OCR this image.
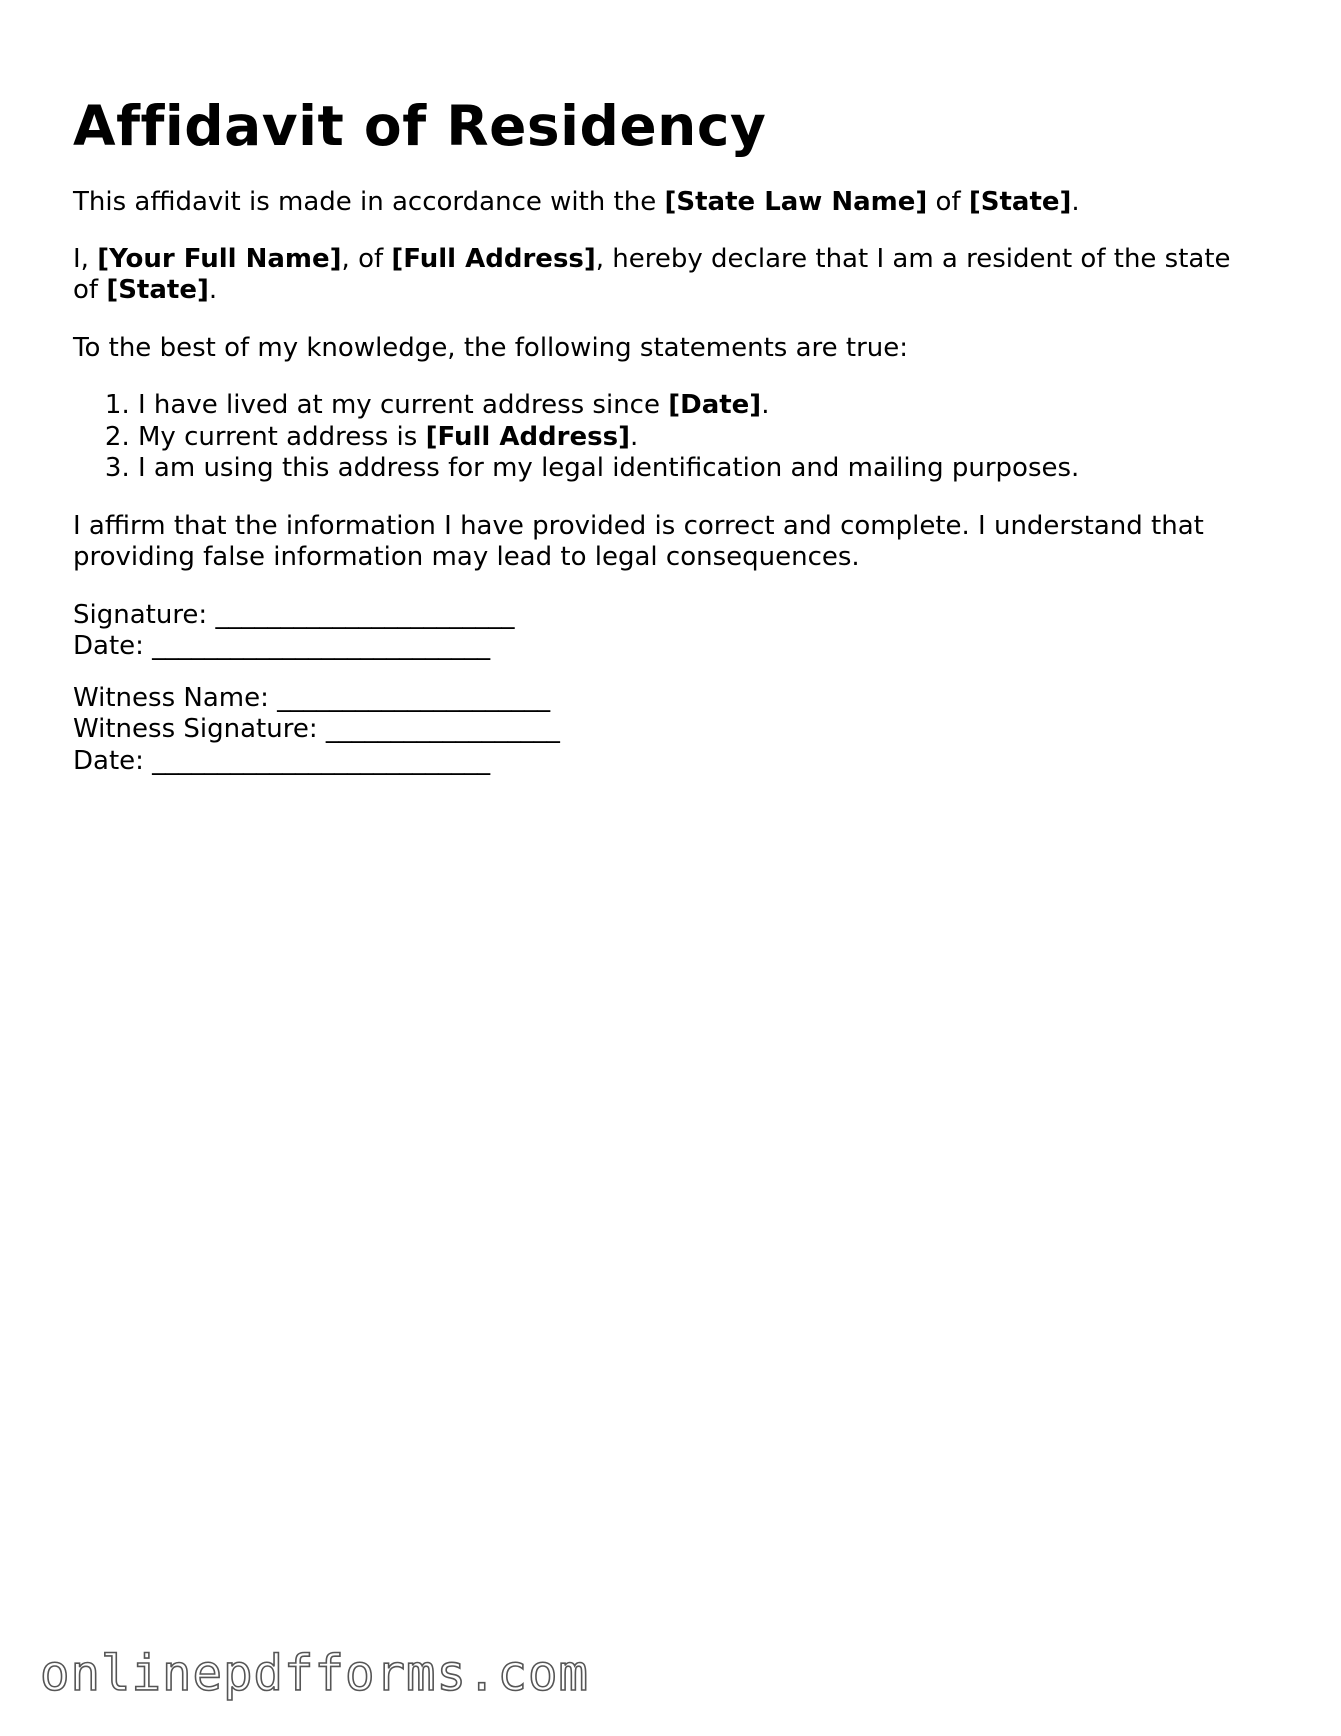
Affidavit of Residency

This affidavit is made in accordance with the [State Law Name] of [State].

I, [Your Full Name], of [Full Address], hereby declare that I am a resident of the state of [State].

To the best of my knowledge, the following statements are true:

1. I have lived at my current address since [Date].
2. My current address is [Full Address].
3. I am using this address for my legal identification and mailing purposes.

I affirm that the information I have provided is correct and complete. I understand that providing false information may lead to legal consequences.

Signature: _______________________
Date: __________________________
Witness Name: _____________________
Witness Signature: __________________
Date: __________________________
onlinepdfforms.com
